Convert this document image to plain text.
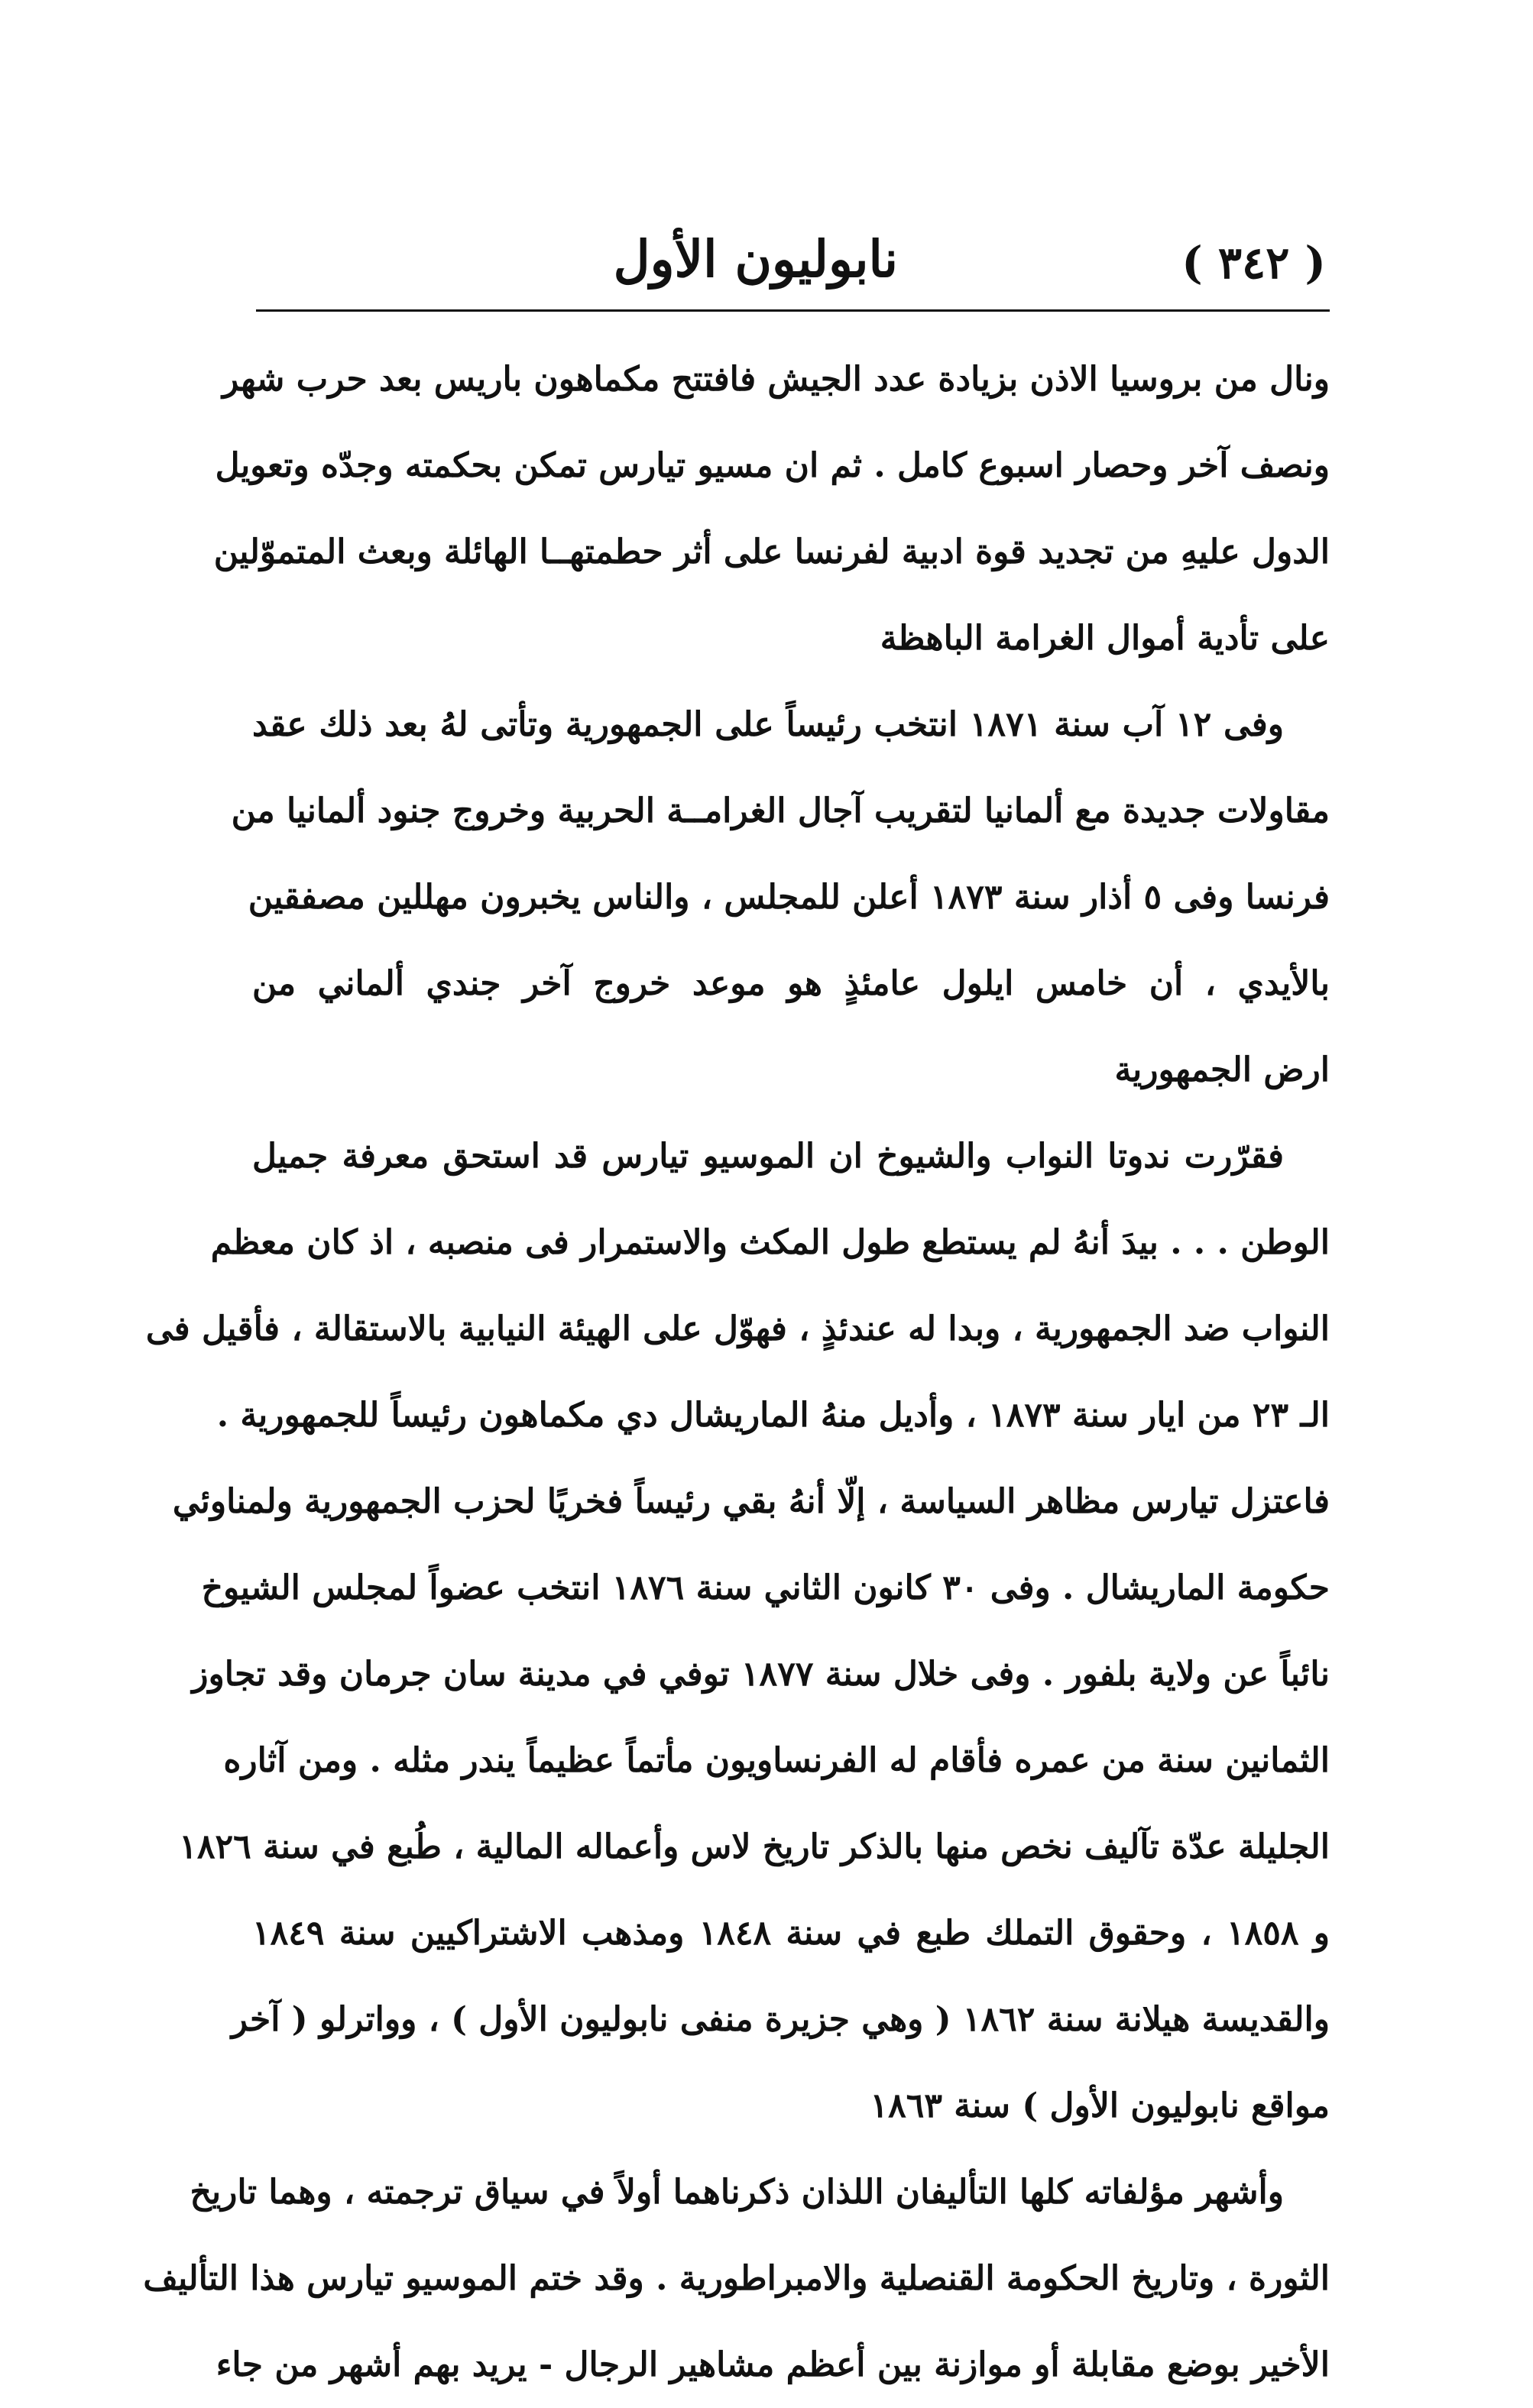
( ٣٤٢ )
نابوليون الأول
ونال من بروسيا الاذن بزيادة عدد الجيش فافتتح مكماهون باريس بعد حرب شهر
ونصف آخر وحصار اسبوع كامل . ثم ان مسيو تيارس تمكن بحكمته وجدّه وتعويل
الدول عليهِ من تجديد قوة ادبية لفرنسا على أثر حطمتهــا الهائلة وبعث المتموّلين
على تأدية أموال الغرامة الباهظة
وفى ١٢ آب سنة ١٨٧١ انتخب رئيساً على الجمهورية وتأتى لهُ بعد ذلك عقد
مقاولات جديدة مع ألمانيا لتقريب آجال الغرامــة الحربية وخروج جنود ألمانيا من
فرنسا وفى ٥ أذار سنة ١٨٧٣ أعلن للمجلس ، والناس يخبرون مهللين مصفقين
بالأيدي ، أن خامس ايلول عامئذٍ هو موعد خروج آخر جندي ألماني من
ارض الجمهورية
فقرّرت ندوتا النواب والشيوخ ان الموسيو تيارس قد استحق معرفة جميل
الوطن . . . بيدَ أنهُ لم يستطع طول المكث والاستمرار فى منصبه ، اذ كان معظم
النواب ضد الجمهورية ، وبدا له عندئذٍ ، فهوّل على الهيئة النيابية بالاستقالة ، فأقيل فى
الـ ٢٣ من ايار سنة ١٨٧٣ ، وأديل منهُ الماريشال دي مكماهون رئيساً للجمهورية .
فاعتزل تيارس مظاهر السياسة ، إلّا أنهُ بقي رئيساً فخريًا لحزب الجمهورية ولمناوئي
حكومة الماريشال . وفى ٣٠ كانون الثاني سنة ١٨٧٦ انتخب عضواً لمجلس الشيوخ
نائباً عن ولاية بلفور . وفى خلال سنة ١٨٧٧ توفي في مدينة سان جرمان وقد تجاوز
الثمانين سنة من عمره فأقام له الفرنساويون مأتماً عظيماً يندر مثله . ومن آثاره
الجليلة عدّة تآليف نخص منها بالذكر تاريخ لاس وأعماله المالية ، طُبع في سنة ١٨٢٦
و ١٨٥٨ ، وحقوق التملك طبع في سنة ١٨٤٨ ومذهب الاشتراكيين سنة ١٨٤٩
والقديسة هيلانة سنة ١٨٦٢ ( وهي جزيرة منفى نابوليون الأول ) ، وواترلو ( آخر
مواقع نابوليون الأول ) سنة ١٨٦٣
وأشهر مؤلفاته كلها التأليفان اللذان ذكرناهما أولاً في سياق ترجمته ، وهما تاريخ
الثورة ، وتاريخ الحكومة القنصلية والامبراطورية . وقد ختم الموسيو تيارس هذا التأليف
الأخير بوضع مقابلة أو موازنة بين أعظم مشاهير الرجال - يريد بهم أشهر من جاء
